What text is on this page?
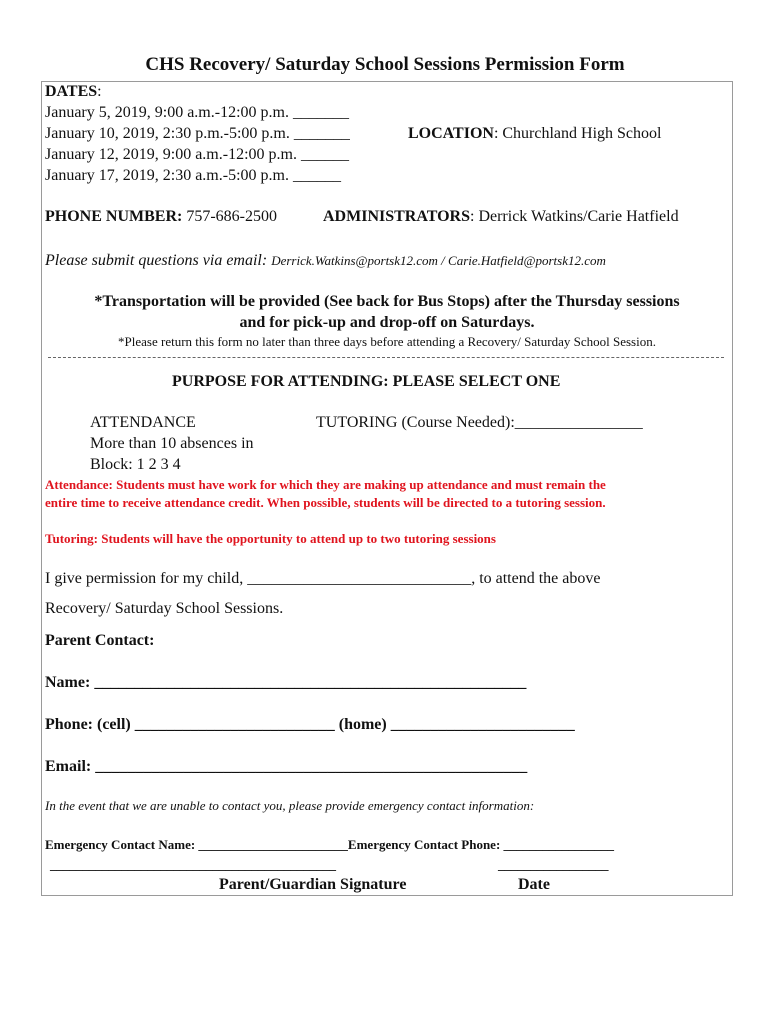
CHS Recovery/ Saturday School Sessions Permission Form
DATES:
January 5, 2019, 9:00 a.m.-12:00 p.m. _______
January 10, 2019, 2:30 p.m.-5:00 p.m. _______
January 12, 2019, 9:00 a.m.-12:00 p.m. ______
January 17, 2019, 2:30 a.m.-5:00 p.m. ______
LOCATION: Churchland High School
PHONE NUMBER: 757-686-2500	ADMINISTRATORS: Derrick Watkins/Carie Hatfield
Please submit questions via email: Derrick.Watkins@portsk12.com / Carie.Hatfield@portsk12.com
*Transportation will be provided (See back for Bus Stops) after the Thursday sessions
and for pick-up and drop-off on Saturdays.
*Please return this form no later than three days before attending a Recovery/ Saturday School Session.
PURPOSE FOR ATTENDING: PLEASE SELECT ONE
ATTENDANCE
More than 10 absences in
Block: 1 2 3 4
TUTORING (Course Needed):________________
Attendance: Students must have work for which they are making up attendance and must remain the
entire time to receive attendance credit. When possible, students will be directed to a tutoring session.
Tutoring: Students will have the opportunity to attend up to two tutoring sessions
I give permission for my child, ____________________________, to attend the above
Recovery/ Saturday School Sessions.
Parent Contact:
Name: ______________________________________________________
Phone: (cell) _________________________ (home) _______________________
Email: ______________________________________________________
In the event that we are unable to contact you, please provide emergency contact information:
Emergency Contact Name: _______________________Emergency Contact Phone: _________________
____________________________________________	_________________
Parent/Guardian Signature	Date
